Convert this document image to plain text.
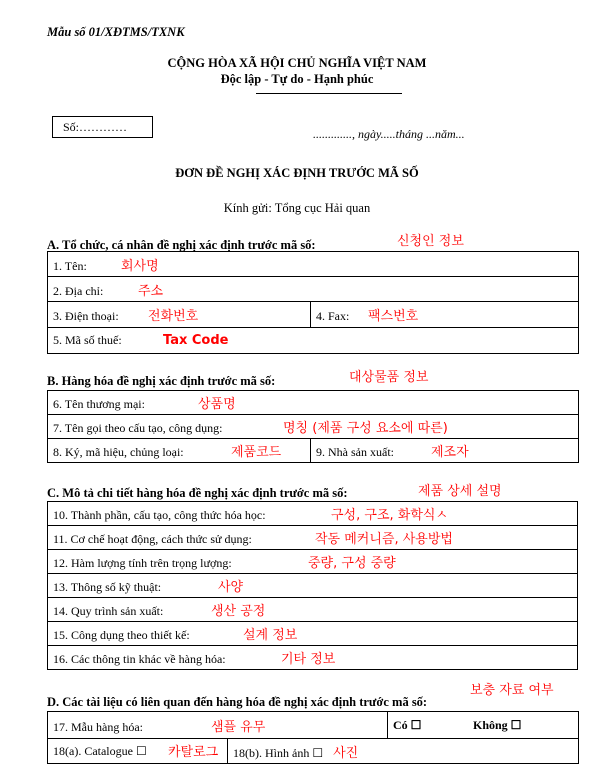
Mẫu số 01/XĐTMS/TXNK
CỘNG HÒA XÃ HỘI CHỦ NGHĨA VIỆT NAM
Độc lập - Tự do - Hạnh phúc
Số:…………	............., ngày.....tháng ...năm...
ĐƠN ĐỀ NGHỊ XÁC ĐỊNH TRƯỚC MÃ SỐ
Kính gửi: Tổng cục Hải quan
A. Tổ chức, cá nhân đề nghị xác định trước mã số:	신청인 정보
1. Tên:	회사명
2. Địa chỉ:	주소
3. Điện thoại: 전화번호	4. Fax: 팩스번호
5. Mã số thuế:	Tax Code
B. Hàng hóa đề nghị xác định trước mã số:	대상물품 정보
6. Tên thương mại:	상품명
7. Tên gọi theo cấu tạo, công dụng:	명칭 (제품 구성 요소에 따른)
8. Ký, mã hiệu, chủng loại:	제품코드	9. Nhà sản xuất:	제조자
C. Mô tả chi tiết hàng hóa đề nghị xác định trước mã số:	제품 상세 설명
10. Thành phần, cấu tạo, công thức hóa học:	구성, 구조, 화학식ㅅ
11. Cơ chế hoạt động, cách thức sử dụng:	작동 메커니즘, 사용방법
12. Hàm lượng tính trên trọng lượng:	중량, 구성 중량
13. Thông số kỹ thuật:	사양
14. Quy trình sản xuất:	생산 공정
15. Công dụng theo thiết kế:	설계 정보
16. Các thông tin khác về hàng hóa:	기타 정보
보충 자료 여부
D. Các tài liệu có liên quan đến hàng hóa đề nghị xác định trước mã số:
17. Mẫu hàng hóa: 샘플 유무		Có ☐ Không ☐
18(a). Catalogue ☐ 카탈로그	18(b). Hình ảnh ☐ 사진	
